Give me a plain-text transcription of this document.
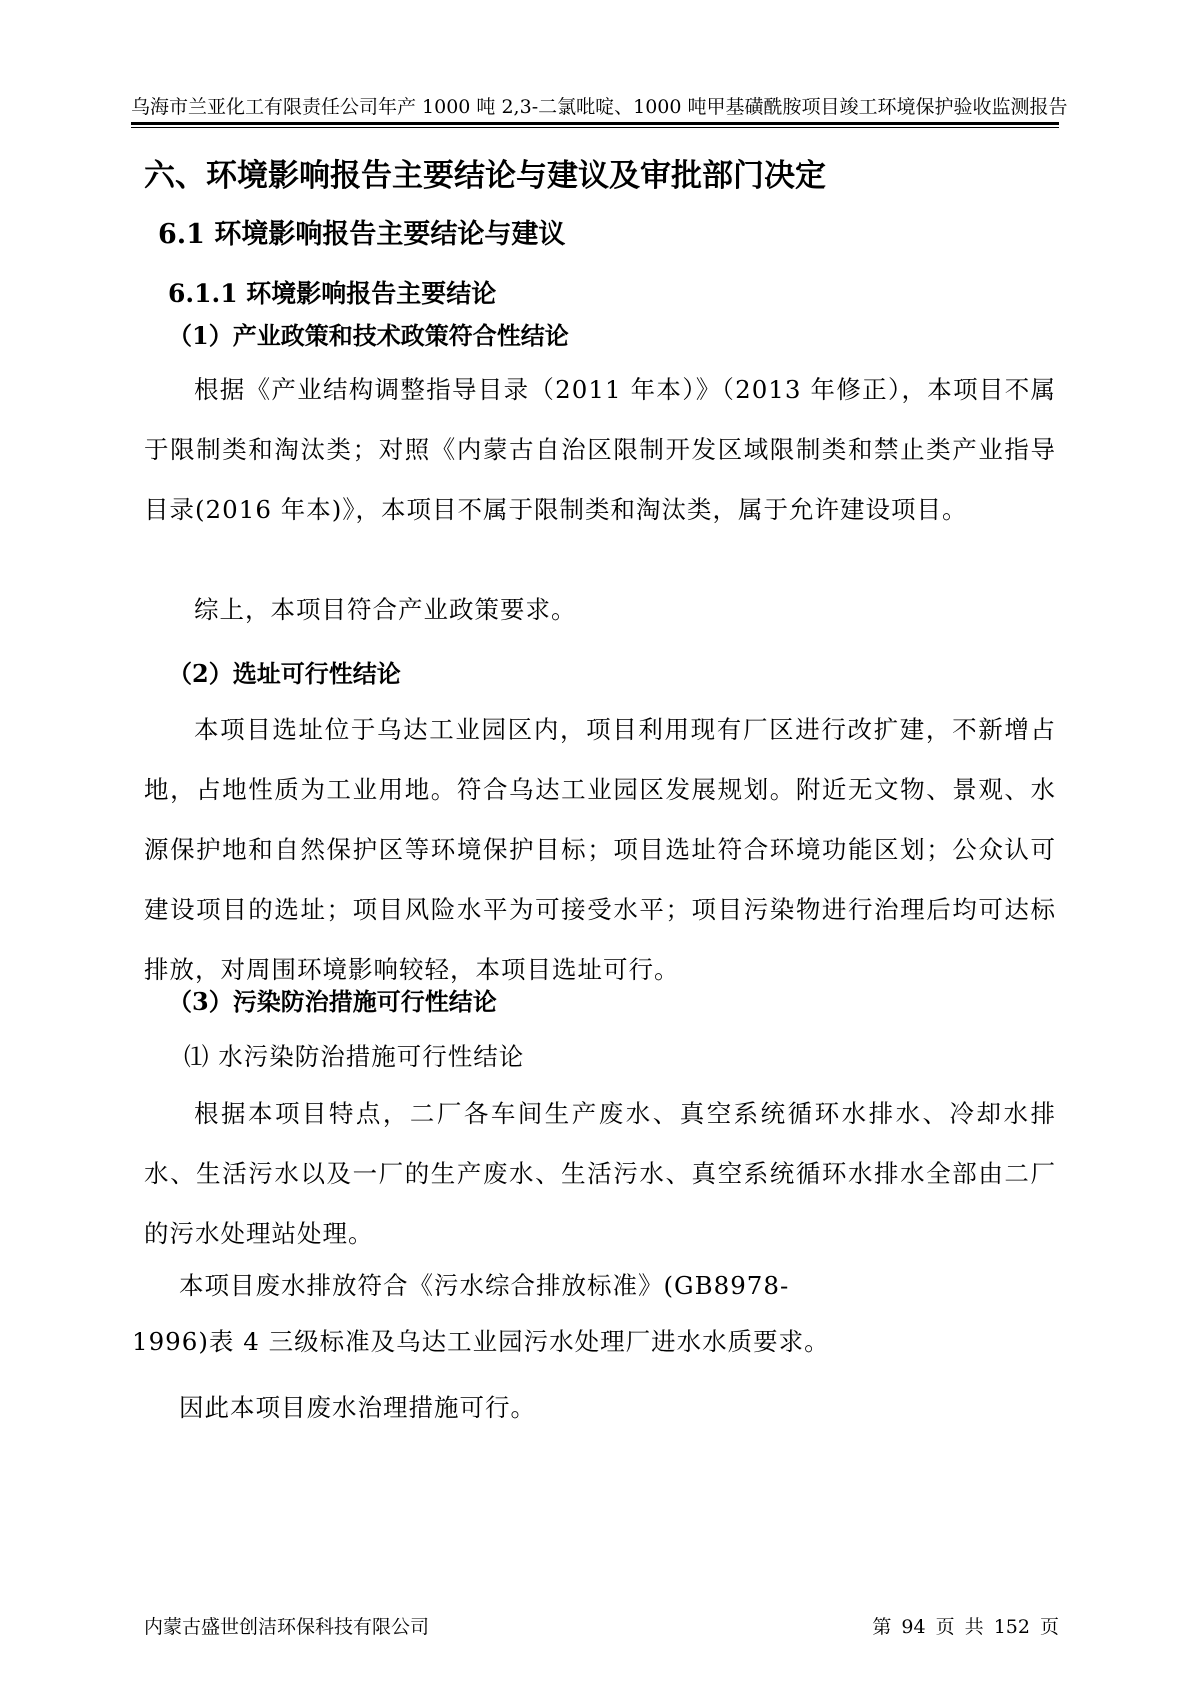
乌海市兰亚化工有限责任公司年产 1000 吨 2,3-二氯吡啶、1000 吨甲基磺酰胺项目竣工环境保护验收监测报告
六、环境影响报告主要结论与建议及审批部门决定
6.1 环境影响报告主要结论与建议
6.1.1 环境影响报告主要结论
（1）产业政策和技术政策符合性结论
根据《产业结构调整指导目录（2011 年本）》（2013 年修正），本项目不属于限制类和淘汰类；对照《内蒙古自治区限制开发区域限制类和禁止类产业指导目录(2016 年本)》，本项目不属于限制类和淘汰类，属于允许建设项目。
综上，本项目符合产业政策要求。
（2）选址可行性结论
本项目选址位于乌达工业园区内，项目利用现有厂区进行改扩建，不新增占地，占地性质为工业用地。符合乌达工业园区发展规划。附近无文物、景观、水源保护地和自然保护区等环境保护目标；项目选址符合环境功能区划；公众认可建设项目的选址；项目风险水平为可接受水平；项目污染物进行治理后均可达标排放，对周围环境影响较轻，本项目选址可行。
（3）污染防治措施可行性结论
⑴ 水污染防治措施可行性结论
根据本项目特点，二厂各车间生产废水、真空系统循环水排水、冷却水排水、生活污水以及一厂的生产废水、生活污水、真空系统循环水排水全部由二厂的污水处理站处理。
本项目废水排放符合《污水综合排放标准》(GB8978-
1996)表 4 三级标准及乌达工业园污水处理厂进水水质要求。
因此本项目废水治理措施可行。
内蒙古盛世创洁环保科技有限公司	第 94 页 共 152 页
